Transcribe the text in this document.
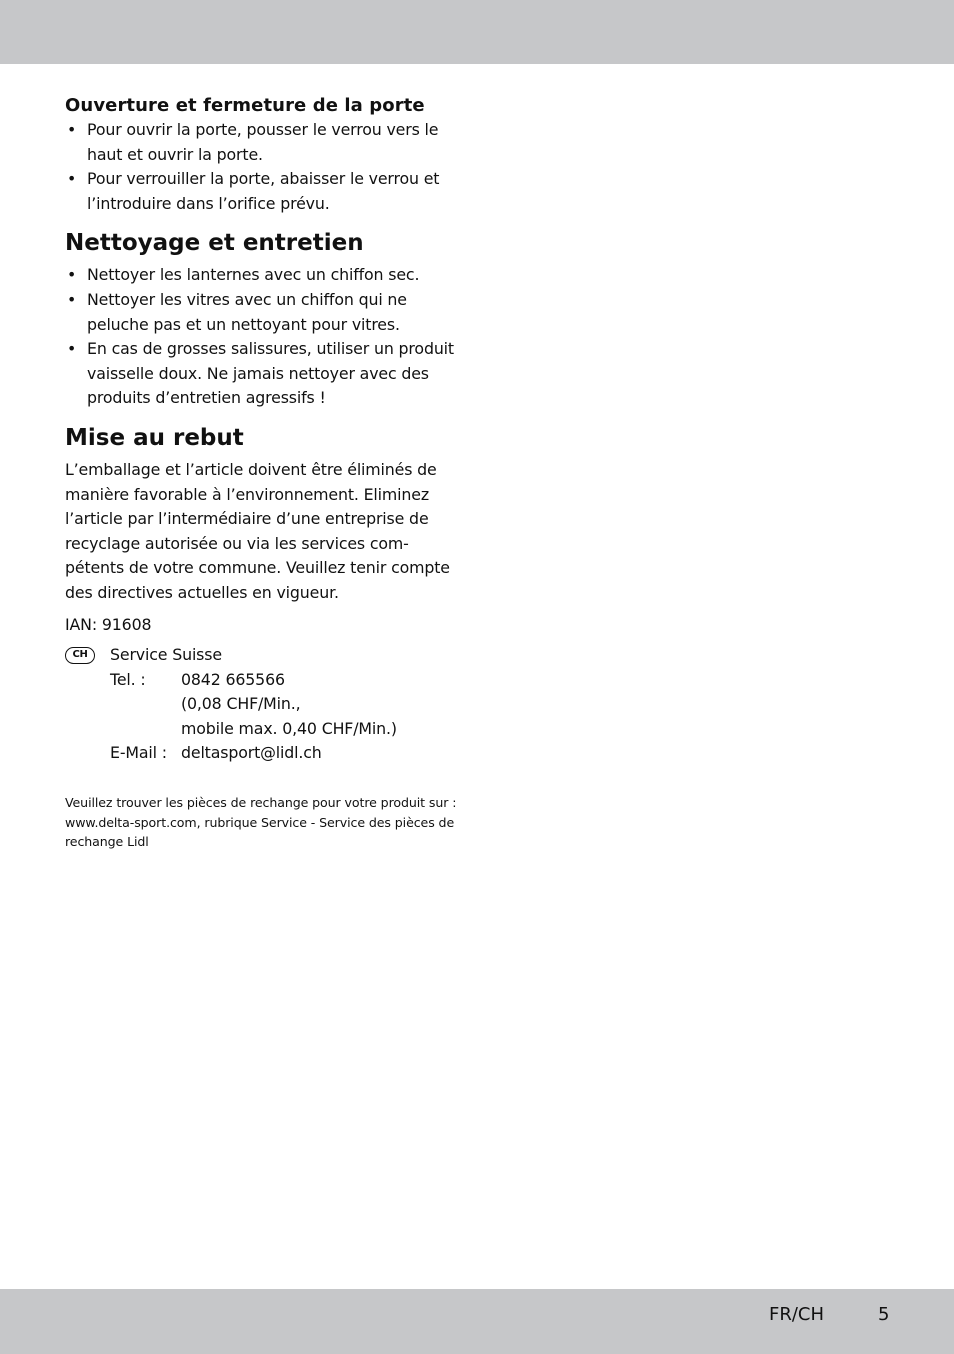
Ouverture et fermeture de la porte
• Pour ouvrir la porte, pousser le verrou vers le haut et ouvrir la porte.
• Pour verrouiller la porte, abaisser le verrou et l’introduire dans l’orifice prévu.
Nettoyage et entretien
• Nettoyer les lanternes avec un chiffon sec.
• Nettoyer les vitres avec un chiffon qui ne peluche pas et un nettoyant pour vitres.
• En cas de grosses salissures, utiliser un produit vaisselle doux. Ne jamais nettoyer avec des produits d’entretien agressifs !
Mise au rebut

L’emballage et l’article doivent être éliminés de manière favorable à l’environnement. Eliminez l’article par l’intermédiaire d’une entreprise de recyclage autorisée ou via les services com-pétents de votre commune. Veuillez tenir compte des directives actuelles en vigueur.

IAN: 91608
CH	Service Suisse
Tel. :	0842 665566
(0,08 CHF/Min.,
mobile max. 0,40 CHF/Min.)
E-Mail : deltasport@lidl.ch
Veuillez trouver les pièces de rechange pour votre produit sur : www.delta-sport.com, rubrique Service - Service des pièces de rechange Lidl
FR/CH	5
